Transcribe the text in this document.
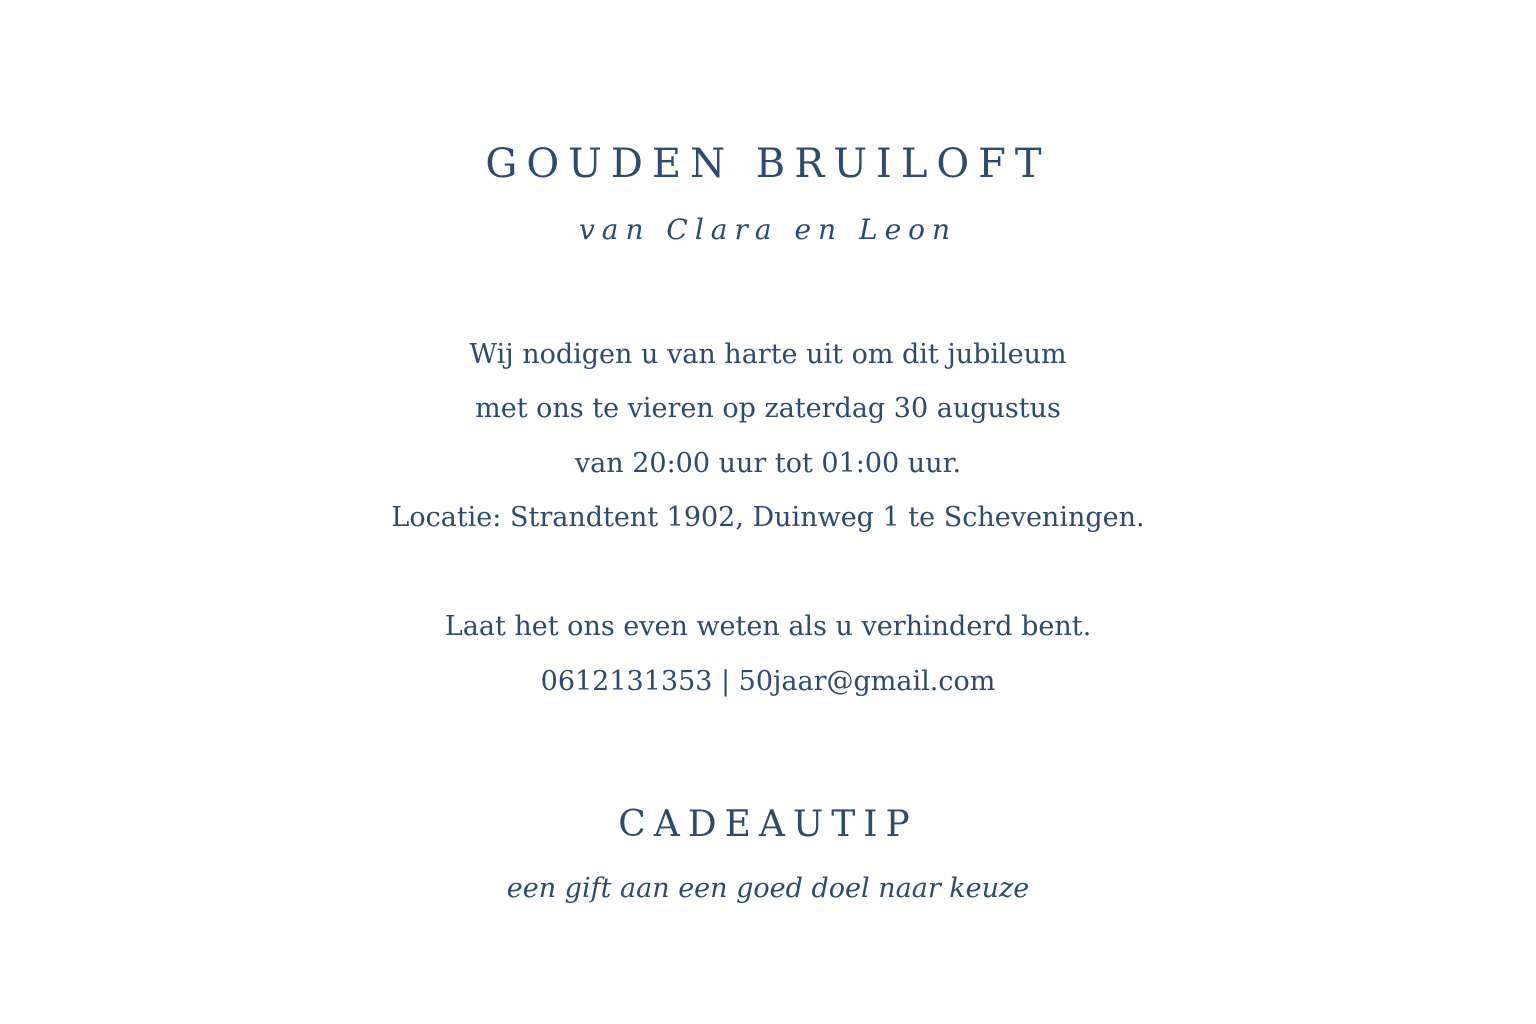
GOUDEN BRUILOFT
van Clara en Leon
Wij nodigen u van harte uit om dit jubileum
met ons te vieren op zaterdag 30 augustus
van 20:00 uur tot 01:00 uur.
Locatie: Strandtent 1902, Duinweg 1 te Scheveningen.
Laat het ons even weten als u verhinderd bent.
0612131353 | 50jaar@gmail.com
CADEAUTIP
een gift aan een goed doel naar keuze
